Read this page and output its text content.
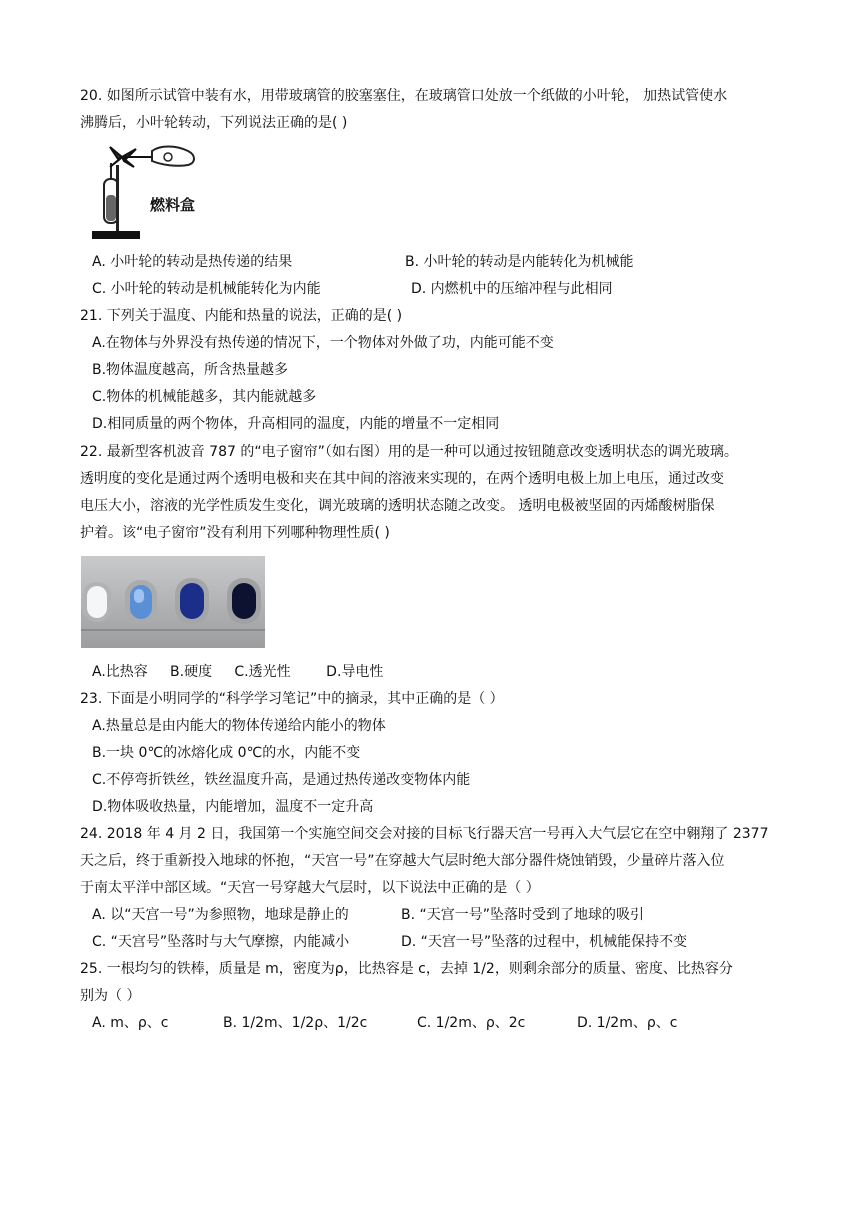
20. 如图所示试管中装有水，用带玻璃管的胶塞塞住，在玻璃管口处放一个纸做的小叶轮， 加热试管使水
沸腾后，小叶轮转动，下列说法正确的是( )
燃料盒
A. 小叶轮的转动是热传递的结果	B. 小叶轮的转动是内能转化为机械能
C. 小叶轮的转动是机械能转化为内能	D. 内燃机中的压缩冲程与此相同
21. 下列关于温度、内能和热量的说法，正确的是( )
A.在物体与外界没有热传递的情况下，一个物体对外做了功，内能可能不变
B.物体温度越高，所含热量越多
C.物体的机械能越多，其内能就越多
D.相同质量的两个物体，升高相同的温度，内能的增量不一定相同
22. 最新型客机波音 787 的“电子窗帘”（如右图）用的是一种可以通过按钮随意改变透明状态的调光玻璃。
透明度的变化是通过两个透明电极和夹在其中间的溶液来实现的，在两个透明电极上加上电压，通过改变
电压大小，溶液的光学性质发生变化，调光玻璃的透明状态随之改变。 透明电极被坚固的丙烯酸树脂保
护着。该“电子窗帘”没有利用下列哪种物理性质( )
A.比热容     B.硬度     C.透光性        D.导电性
23. 下面是小明同学的“科学学习笔记”中的摘录，其中正确的是（ ）
A.热量总是由内能大的物体传递给内能小的物体
B.一块 0℃的冰熔化成 0℃的水，内能不变
C.不停弯折铁丝，铁丝温度升高，是通过热传递改变物体内能
D.物体吸收热量，内能增加，温度不一定升高
24. 2018 年 4 月 2 日，我国第一个实施空间交会对接的目标飞行器天宫一号再入大气层它在空中翱翔了 2377
天之后，终于重新投入地球的怀抱，“天宫一号”在穿越大气层时绝大部分器件烧蚀销毁，少量碎片落入位
于南太平洋中部区域。“天宫一号穿越大气层时，以下说法中正确的是（ ）
A. 以“天宫一号”为参照物，地球是静止的	B. “天宫一号”坠落时受到了地球的吸引
C. “天宫号”坠落时与大气摩擦，内能减小	D. “天宫一号”坠落的过程中，机械能保持不变
25. 一根均匀的铁棒，质量是 m，密度为ρ，比热容是 c，去掉 1/2，则剩余部分的质量、密度、比热容分
别为（ ）
A. m、ρ、c	B. 1/2m、1/2ρ、1/2c	C. 1/2m、ρ、2c	D. 1/2m、ρ、c
